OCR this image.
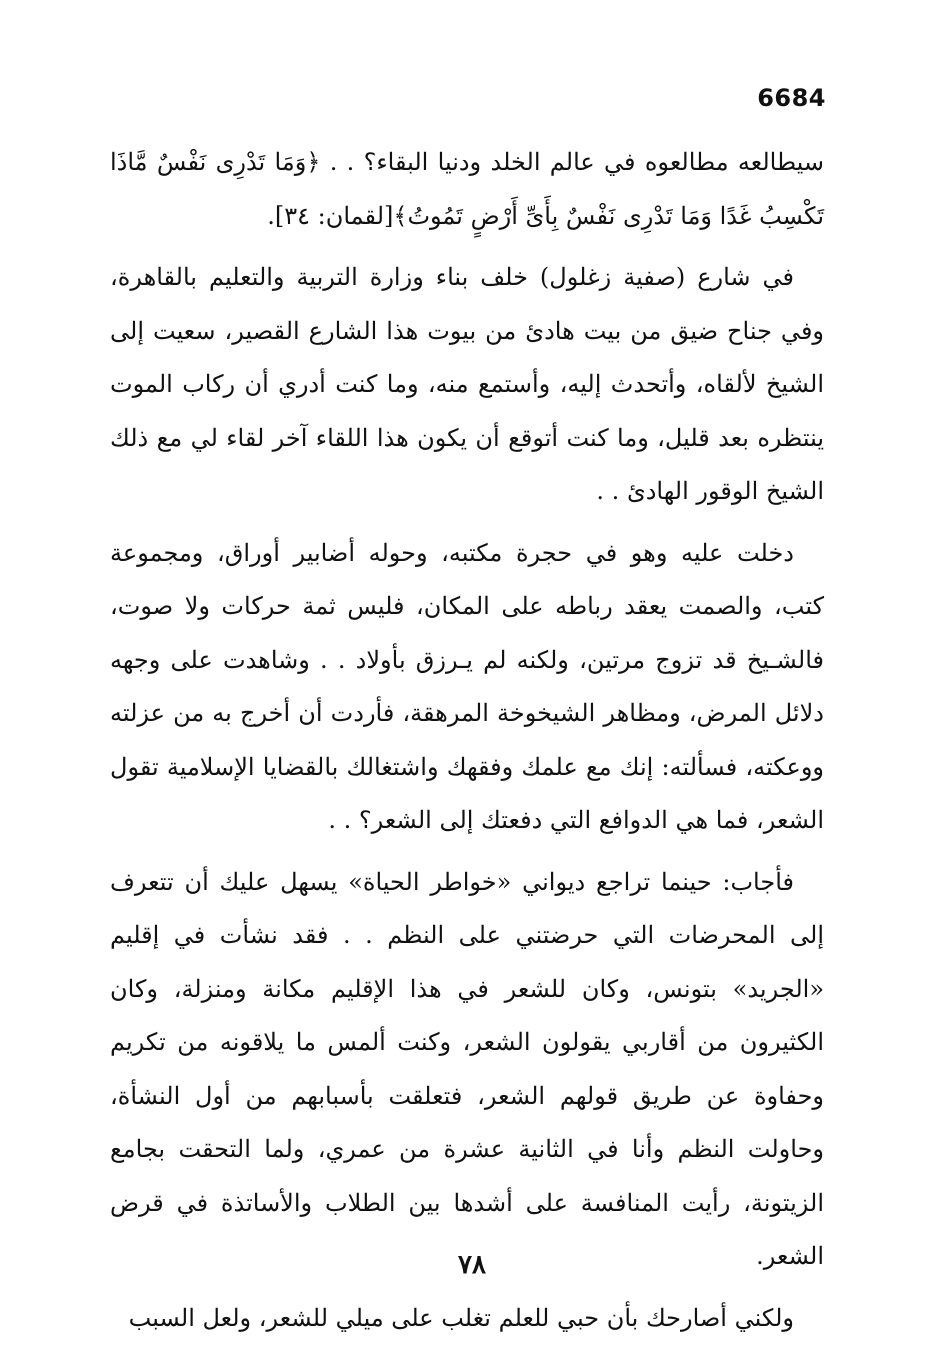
6684

سيطالعه مطالعوه في عالم الخلد ودنيا البقاء؟ . . ﴿وَمَا تَدْرِى نَفْسٌ مَّاذَا تَكْسِبُ غَدًا وَمَا تَدْرِى نَفْسٌ بِأَىِّ أَرْضٍ تَمُوتُ﴾[لقمان: ٣٤].

في شارع (صفية زغلول) خلف بناء وزارة التربية والتعليم بالقاهرة، وفي جناح ضيق من بيت هادئ من بيوت هذا الشارع القصير، سعيت إلى الشيخ لألقاه، وأتحدث إليه، وأستمع منه، وما كنت أدري أن ركاب الموت ينتظره بعد قليل، وما كنت أتوقع أن يكون هذا اللقاء آخر لقاء لي مع ذلك الشيخ الوقور الهادئ . .

دخلت عليه وهو في حجرة مكتبه، وحوله أضابير أوراق، ومجموعة كتب، والصمت يعقد رباطه على المكان، فليس ثمة حركات ولا صوت، فالشـيخ قد تزوج مرتين، ولكنه لم يـرزق بأولاد . . وشاهدت على وجهه دلائل المرض، ومظاهر الشيخوخة المرهقة، فأردت أن أخرج به من عزلته ووعكته، فسألته: إنك مع علمك وفقهك واشتغالك بالقضايا الإسلامية تقول الشعر، فما هي الدوافع التي دفعتك إلى الشعر؟ . .

فأجاب: حينما تراجع ديواني «خواطر الحياة» يسهل عليك أن تتعرف إلى المحرضات التي حرضتني على النظم . . فقد نشأت في إقليم «الجريد» بتونس، وكان للشعر في هذا الإقليم مكانة ومنزلة، وكان الكثيرون من أقاربي يقولون الشعر، وكنت ألمس ما يلاقونه من تكريم وحفاوة عن طريق قولهم الشعر، فتعلقت بأسبابهم من أول النشأة، وحاولت النظم وأنا في الثانية عشرة من عمري، ولما التحقت بجامع الزيتونة، رأيت المنافسة على أشدها بين الطلاب والأساتذة في قرض الشعر.

ولكني أصارحك بأن حبي للعلم تغلب على ميلي للشعر، ولعل السبب

٧٨
